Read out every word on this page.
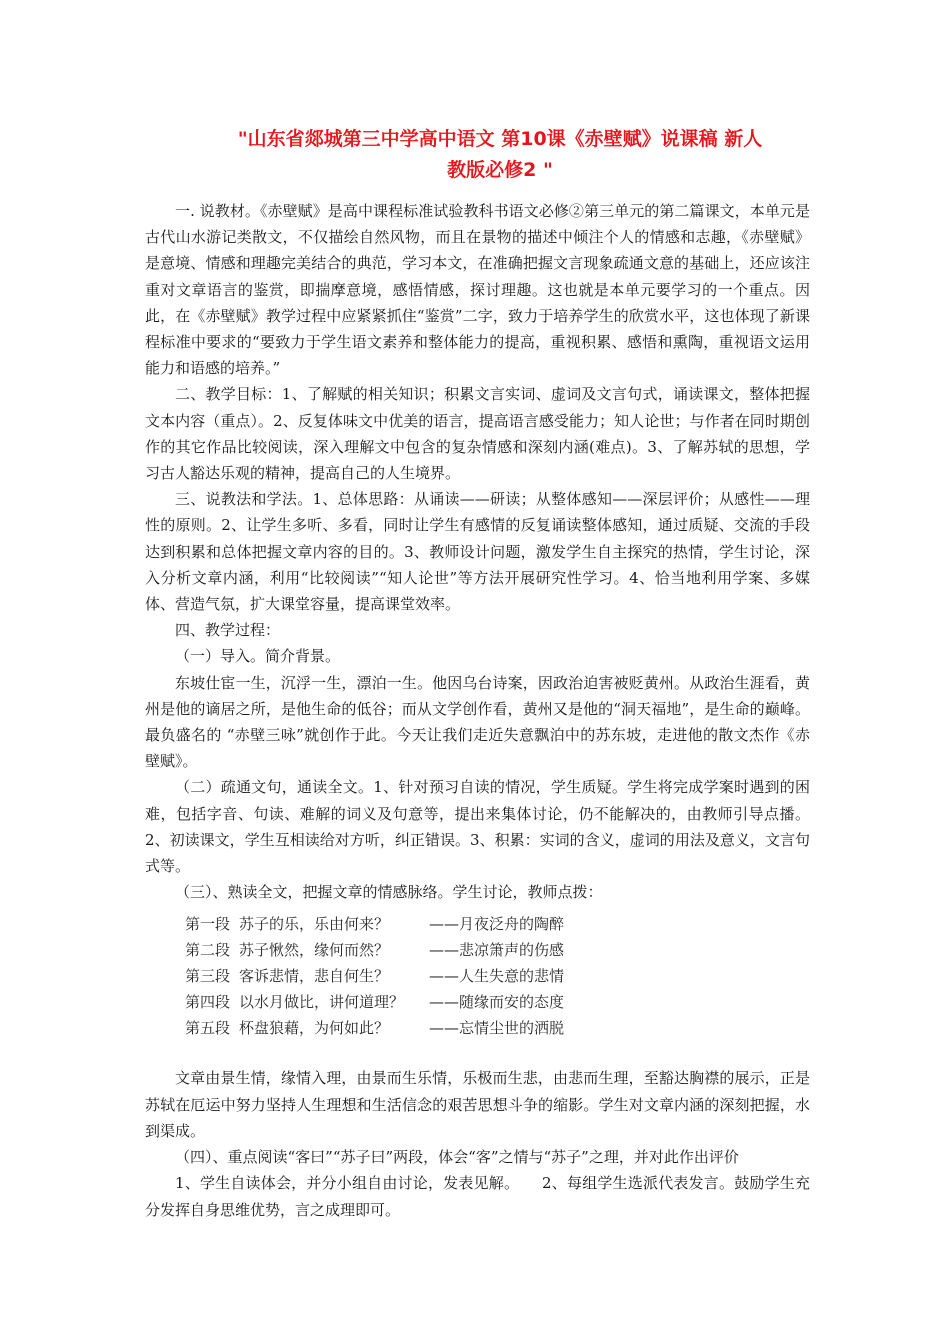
"山东省郯城第三中学高中语文 第10课《赤壁赋》说课稿 新人
教版必修2 "

一. 说教材。《赤壁赋》是高中课程标准试验教科书语文必修②第三单元的第二篇课文，本单元是古代山水游记类散文，不仅描绘自然风物，而且在景物的描述中倾注个人的情感和志趣，《赤壁赋》是意境、情感和理趣完美结合的典范，学习本文，在准确把握文言现象疏通文意的基础上，还应该注重对文章语言的鉴赏，即揣摩意境，感悟情感，探讨理趣。这也就是本单元要学习的一个重点。因此，在《赤壁赋》教学过程中应紧紧抓住“鉴赏”二字，致力于培养学生的欣赏水平，这也体现了新课程标准中要求的“要致力于学生语文素养和整体能力的提高，重视积累、感悟和熏陶，重视语文运用能力和语感的培养。”

二、教学目标：1、了解赋的相关知识；积累文言实词、虚词及文言句式，诵读课文，整体把握文本内容（重点）。2、反复体味文中优美的语言，提高语言感受能力；知人论世；与作者在同时期创作的其它作品比较阅读，深入理解文中包含的复杂情感和深刻内涵(难点)。3、了解苏轼的思想，学习古人豁达乐观的精神，提高自己的人生境界。

三、说教法和学法。1、总体思路：从诵读——研读；从整体感知——深层评价；从感性——理性的原则。2、让学生多听、多看，同时让学生有感情的反复诵读整体感知，通过质疑、交流的手段达到积累和总体把握文章内容的目的。3、教师设计问题，激发学生自主探究的热情，学生讨论，深入分析文章内涵，利用“比较阅读”“知人论世”等方法开展研究性学习。4、恰当地利用学案、多媒体、营造气氛，扩大课堂容量，提高课堂效率。

四、教学过程：

（一）导入。简介背景。

东坡仕宦一生，沉浮一生，漂泊一生。他因乌台诗案，因政治迫害被贬黄州。从政治生涯看，黄州是他的谪居之所，是他生命的低谷；而从文学创作看，黄州又是他的“洞天福地”，是生命的巅峰。最负盛名的 “赤壁三咏”就创作于此。今天让我们走近失意飘泊中的苏东坡，走进他的散文杰作《赤壁赋》。

（二）疏通文句，通读全文。1、针对预习自读的情况，学生质疑。学生将完成学案时遇到的困难，包括字音、句读、难解的词义及句意等，提出来集体讨论，仍不能解决的，由教师引导点播。2、初读课文，学生互相读给对方听，纠正错误。3、积累：实词的含义，虚词的用法及意义，文言句式等。

（三）、熟读全文，把握文章的情感脉络。学生讨论，教师点拨：

第一段 苏子的乐，乐由何来？	——月夜泛舟的陶醉
第二段 苏子愀然，缘何而然？	——悲凉箫声的伤感
第三段 客诉悲情，悲自何生？	——人生失意的悲情
第四段 以水月做比，讲何道理？	——随缘而安的态度
第五段 杯盘狼藉，为何如此？	——忘情尘世的洒脱

文章由景生情，缘情入理，由景而生乐情，乐极而生悲，由悲而生理，至豁达胸襟的展示，正是苏轼在厄运中努力坚持人生理想和生活信念的艰苦思想斗争的缩影。学生对文章内涵的深刻把握，水到渠成。

（四）、重点阅读“客曰”“苏子曰”两段，体会“客”之情与“苏子”之理，并对此作出评价

1、学生自读体会，并分小组自由讨论，发表见解。　　2、每组学生选派代表发言。鼓励学生充分发挥自身思维优势，言之成理即可。
